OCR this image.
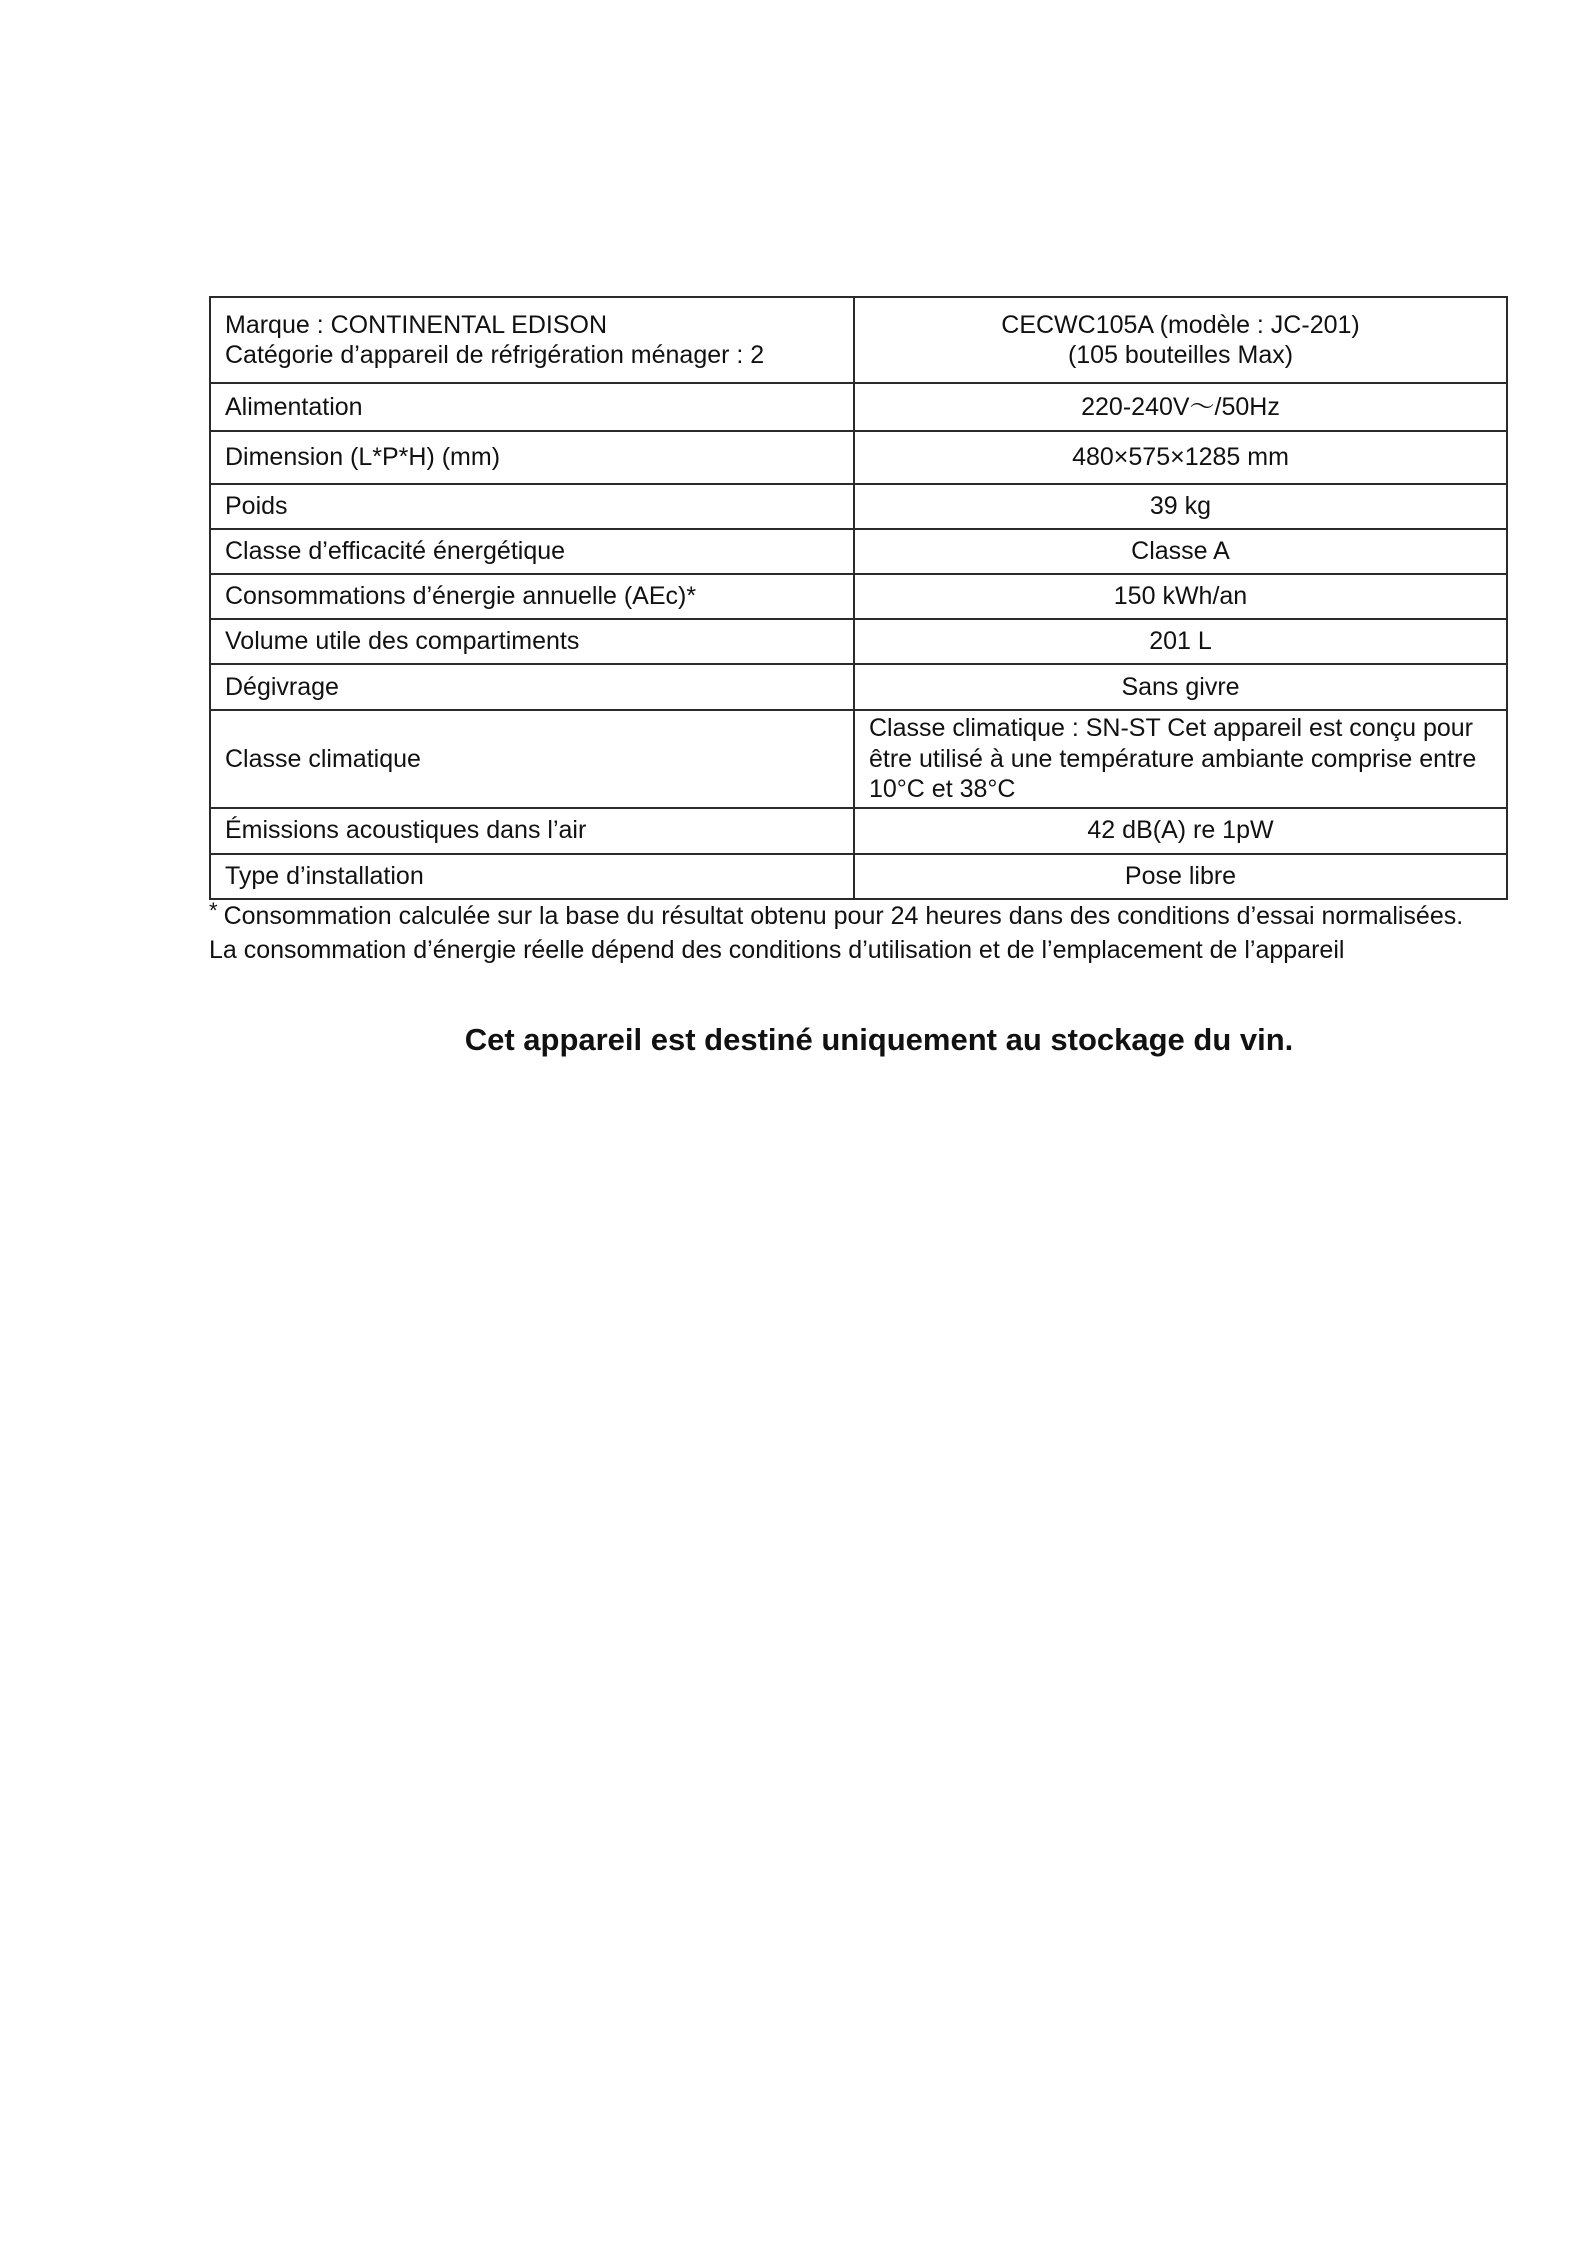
Marque : CONTINENTAL EDISON
Catégorie d’appareil de réfrigération ménager : 2	CECWC105A (modèle : JC-201)
(105 bouteilles Max)

Alimentation	220-240V～/50Hz
Dimension (L*P*H) (mm)	480×575×1285 mm
Poids	39 kg
Classe d’efficacité énergétique	Classe A
Consommations d’énergie annuelle (AEc)*	150 kWh/an
Volume utile des compartiments	201 L
Dégivrage	Sans givre
Classe climatique	Classe climatique : SN-ST Cet appareil est conçu pour
être utilisé à une température ambiante comprise entre
10°C et 38°C

Émissions acoustiques dans l’air	42 dB(A) re 1pW
Type d’installation	Pose libre
* Consommation calculée sur la base du résultat obtenu pour 24 heures dans des conditions d’essai normalisées.
La consommation d’énergie réelle dépend des conditions d’utilisation et de l’emplacement de l’appareil
Cet appareil est destiné uniquement au stockage du vin.
